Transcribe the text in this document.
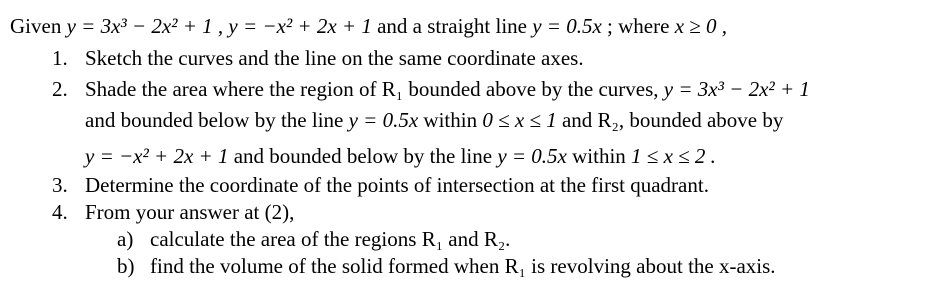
Given y = 3x³ − 2x² + 1 , y = −x² + 2x + 1 and a straight line y = 0.5x ; where x ≥ 0 ,
1. Sketch the curves and the line on the same coordinate axes.
2. Shade the area where the region of R₁ bounded above by the curves, y = 3x³ − 2x² + 1
and bounded below by the line y = 0.5x within 0 ≤ x ≤ 1 and R₂, bounded above by
y = −x² + 2x + 1 and bounded below by the line y = 0.5x within 1 ≤ x ≤ 2 .
3. Determine the coordinate of the points of intersection at the first quadrant.
4. From your answer at (2),
a) calculate the area of the regions R₁ and R₂.
b) find the volume of the solid formed when R₁ is revolving about the x-axis.
